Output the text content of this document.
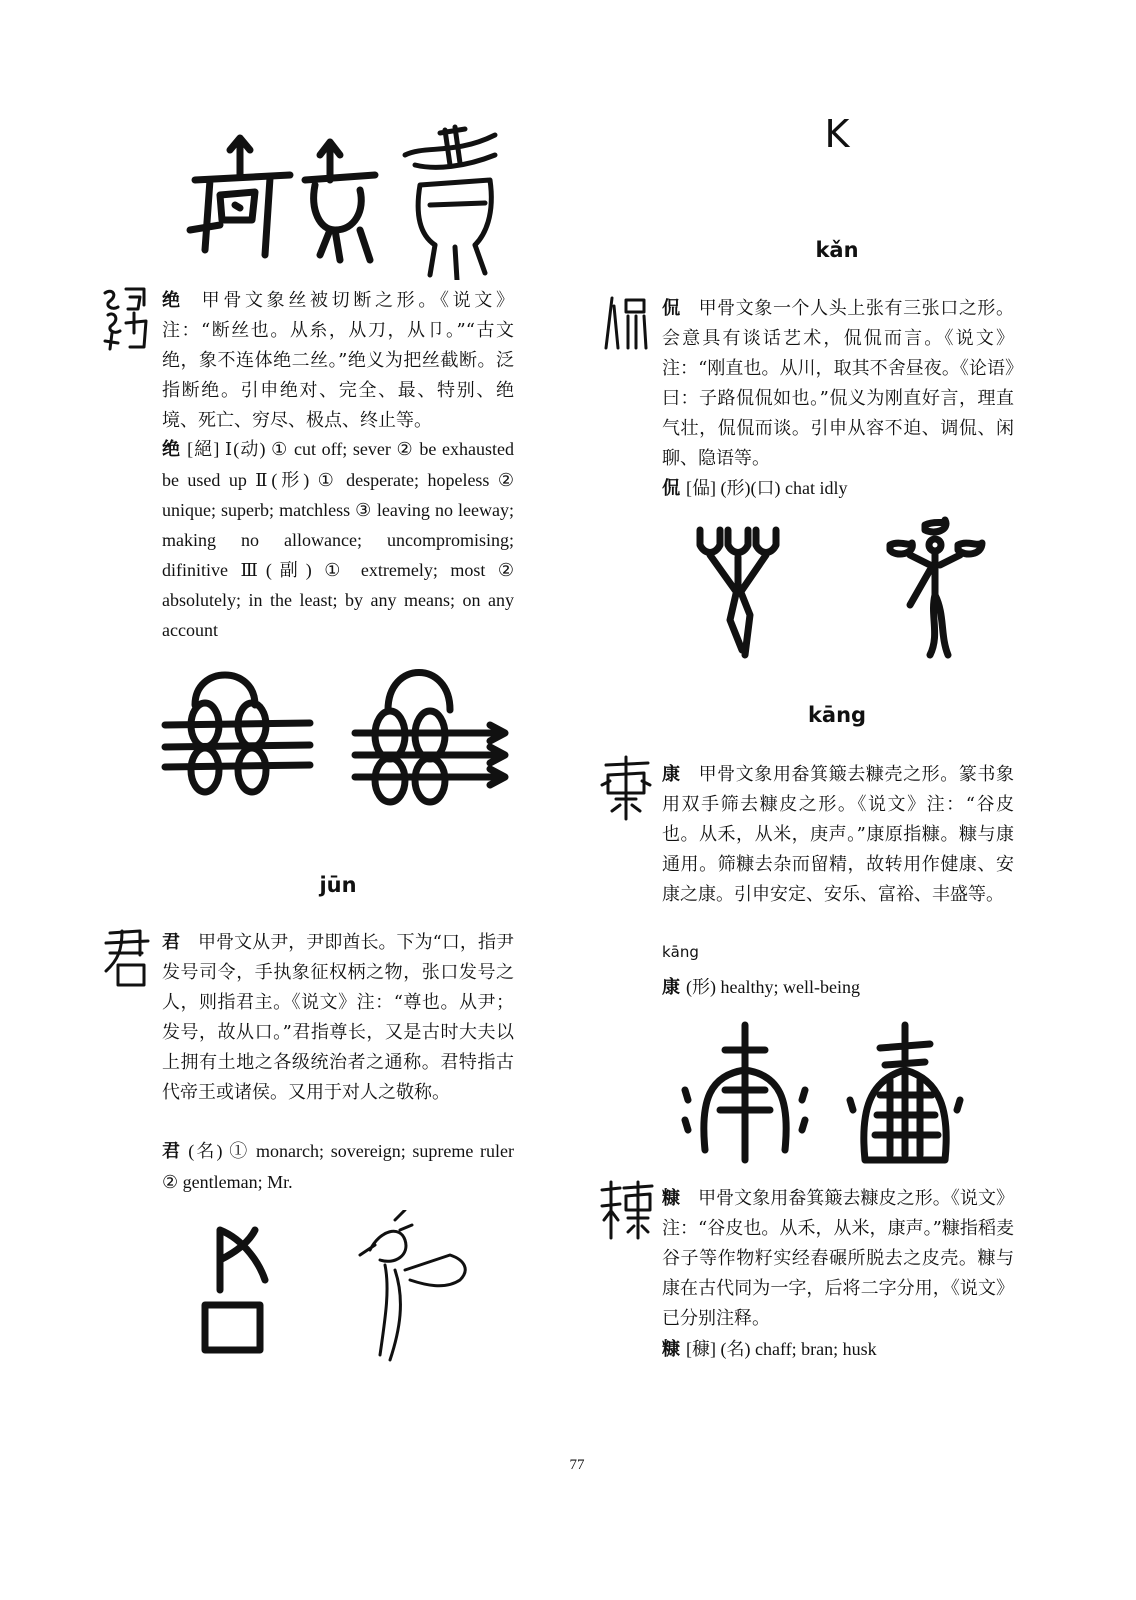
绝 甲骨文象丝被切断之形。《说文》注：“断丝也。从糸，从刀，从卩。”“古文绝，象不连体绝二丝。”绝义为把丝截断。泛指断绝。引申绝对、完全、最、特别、绝境、死亡、穷尽、极点、终止等。
绝 [絕] Ⅰ(动) ① cut off; sever ② be exhausted be used up Ⅱ(形) ① desperate; hopeless ② unique; superb; matchless ③ leaving no leeway; making no allowance; uncompromising; difinitive Ⅲ(副) ① extremely; most ② absolutely; in the least; by any means; on any account
jūn
君 甲骨文从尹，尹即酋长。下为“口，指尹发号司令，手执象征权柄之物，张口发号之人，则指君主。《说文》注：“尊也。从尹；发号，故从口。”君指尊长，又是古时大夫以上拥有土地之各级统治者之通称。君特指古代帝王或诸侯。又用于对人之敬称。
君 (名) ① monarch; sovereign; supreme ruler ② gentleman; Mr.
K
kǎn
侃 甲骨文象一个人头上张有三张口之形。会意具有谈话艺术，侃侃而言。《说文》注：“刚直也。从川，取其不舍昼夜。《论语》曰：子路侃侃如也。”侃义为刚直好言，理直气壮，侃侃而谈。引申从容不迫、调侃、闲聊、隐语等。
侃 [偘] (形)(口) chat idly
kāng
康 甲骨文象用畚箕簸去糠壳之形。篆书象用双手筛去糠皮之形。《说文》注：“谷皮也。从禾，从米，庚声。”康原指糠。糠与康通用。筛糠去杂而留精，故转用作健康、安康之康。引申安定、安乐、富裕、丰盛等。
kāng
康 (形) healthy; well-being
糠 甲骨文象用畚箕簸去糠皮之形。《说文》注：“谷皮也。从禾，从米，康声。”糠指稻麦谷子等作物籽实经舂碾所脱去之皮壳。糠与康在古代同为一字，后将二字分用，《说文》已分别注释。
糠 [穅] (名) chaff; bran; husk
77
